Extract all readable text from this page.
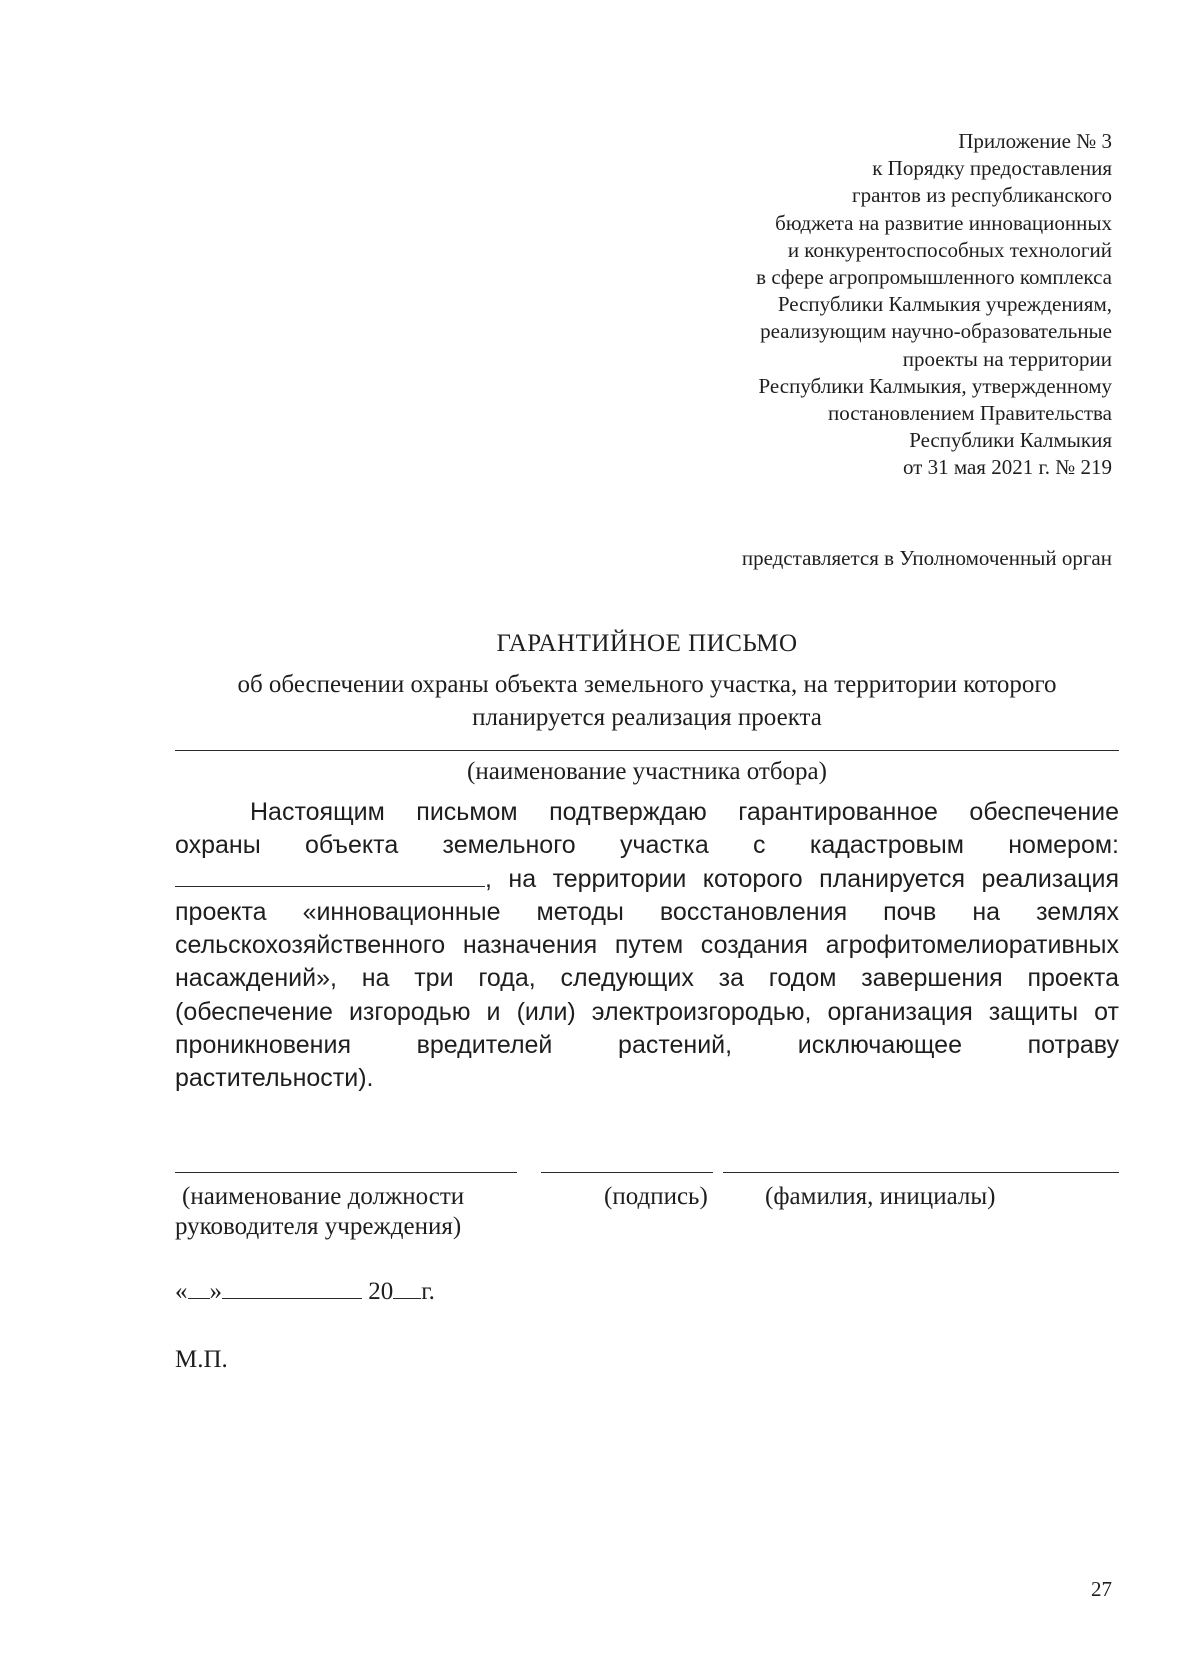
Приложение № 3
к Порядку предоставления
грантов из республиканского
бюджета на развитие инновационных
и конкурентоспособных технологий
в сфере агропромышленного комплекса
Республики Калмыкия учреждениям,
реализующим научно-образовательные
проекты на территории
Республики Калмыкия, утвержденному
постановлением Правительства
Республики Калмыкия
от 31 мая 2021 г. № 219
представляется в Уполномоченный орган
ГАРАНТИЙНОЕ ПИСЬМО
об обеспечении охраны объекта земельного участка, на территории которого
планируется реализация проекта
(наименование участника отбора)
Настоящим письмом подтверждаю гарантированное обеспечение
охраны объекта земельного участка с кадастровым номером:
, на территории которого планируется реализация
проекта «инновационные методы восстановления почв на землях
сельскохозяйственного назначения путем создания агрофитомелиоративных
насаждений», на три года, следующих за годом завершения проекта
(обеспечение изгородью и (или) электроизгородью, организация защиты от
проникновения вредителей растений, исключающее потраву
растительности).
(наименование должности
руководителя учреждения)
(подпись) (фамилия, инициалы)
« »	20 г.
М.П.
27
